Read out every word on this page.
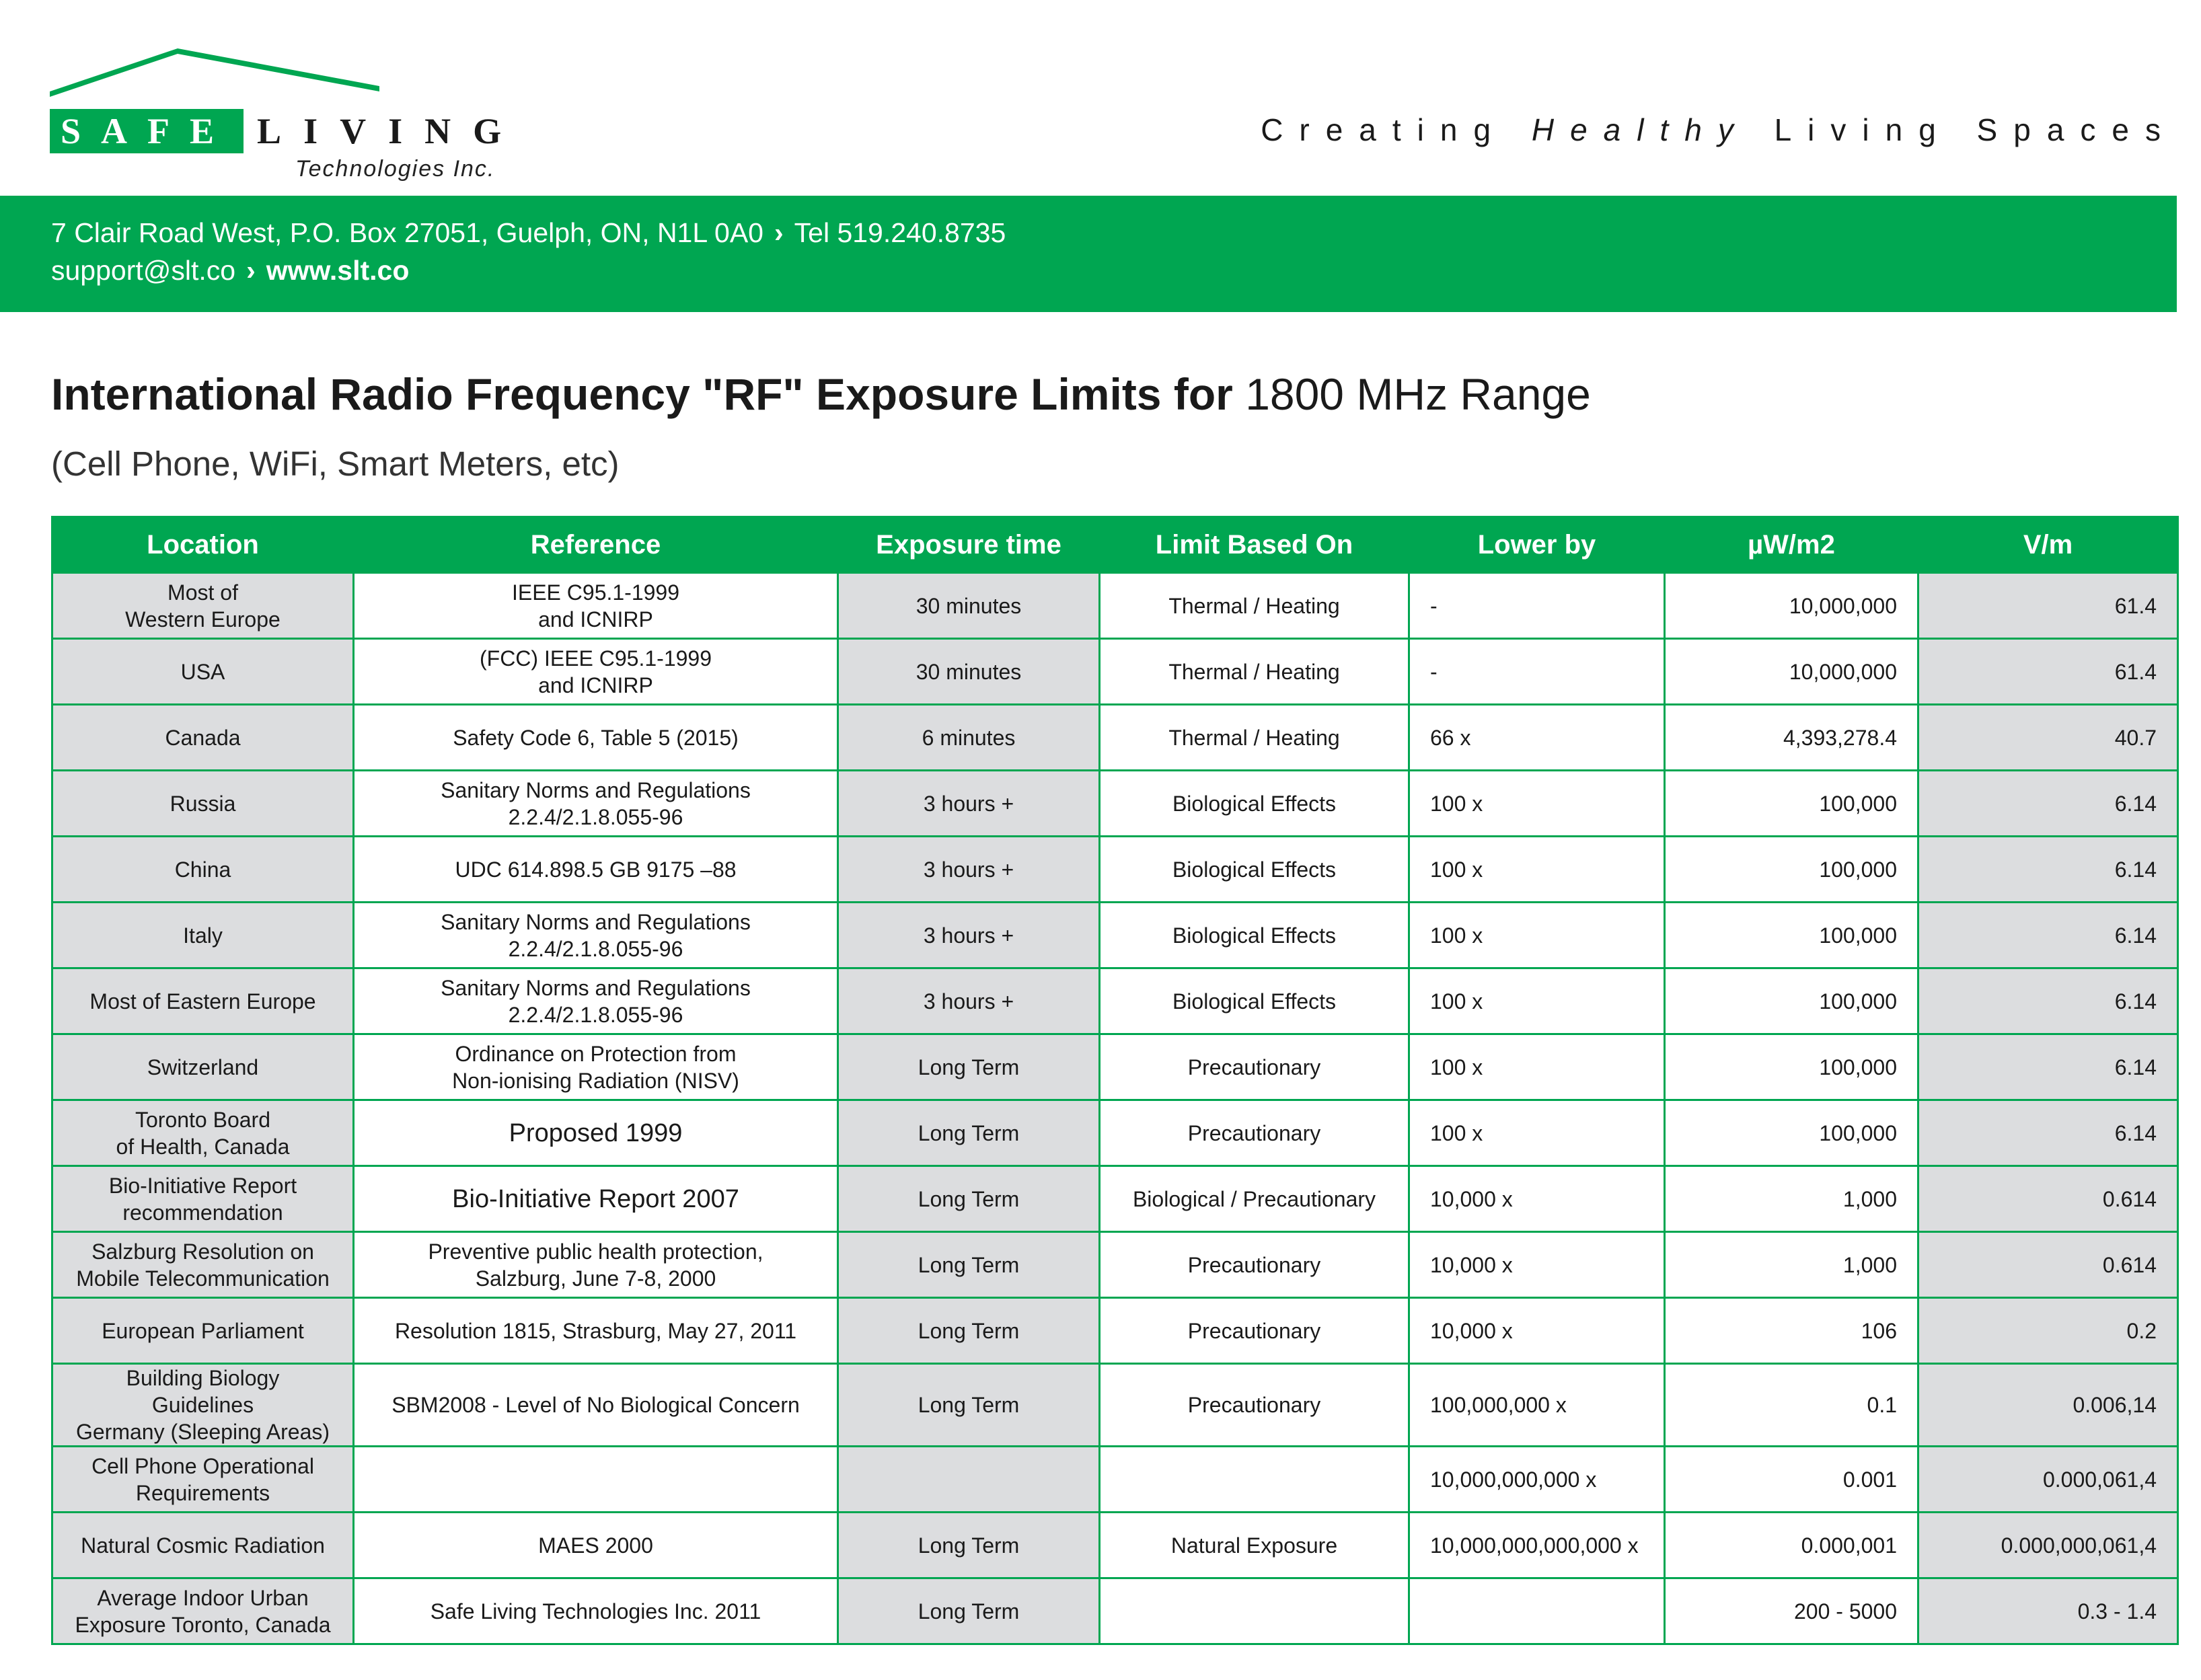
SAFE LIVING
Technologies Inc.
Creating Healthy Living Spaces
7 Clair Road West, P.O. Box 27051, Guelph, ON, N1L 0A0 › Tel 519.240.8735
support@slt.co › www.slt.co
International Radio Frequency "RF" Exposure Limits for 1800 MHz Range
(Cell Phone, WiFi, Smart Meters, etc)
Location	Reference	Exposure time	Limit Based On	Lower by	µW/m2	V/m
Most of
Western Europe	IEEE C95.1-1999
and ICNIRP	30 minutes	Thermal / Heating	-	10,000,000	61.4
USA	(FCC) IEEE C95.1-1999
and ICNIRP	30 minutes	Thermal / Heating	-	10,000,000	61.4
Canada	Safety Code 6, Table 5 (2015)	6 minutes	Thermal / Heating	66 x	4,393,278.4	40.7
Russia	Sanitary Norms and Regulations
2.2.4/2.1.8.055-96	3 hours +	Biological Effects	100 x	100,000	6.14
China	UDC 614.898.5 GB 9175 –88	3 hours +	Biological Effects	100 x	100,000	6.14
Italy	Sanitary Norms and Regulations
2.2.4/2.1.8.055-96	3 hours +	Biological Effects	100 x	100,000	6.14
Most of Eastern Europe	Sanitary Norms and Regulations
2.2.4/2.1.8.055-96	3 hours +	Biological Effects	100 x	100,000	6.14
Switzerland	Ordinance on Protection from
Non-ionising Radiation (NISV)	Long Term	Precautionary	100 x	100,000	6.14
Toronto Board
of Health, Canada	Proposed 1999	Long Term	Precautionary	100 x	100,000	6.14
Bio-Initiative Report
recommendation	Bio-Initiative Report 2007	Long Term	Biological / Precautionary	10,000 x	1,000	0.614
Salzburg Resolution on
Mobile Telecommunication	Preventive public health protection,
Salzburg, June 7-8, 2000	Long Term	Precautionary	10,000 x	1,000	0.614
European Parliament	Resolution 1815, Strasburg, May 27, 2011	Long Term	Precautionary	10,000 x	106	0.2
Building Biology Guidelines
Germany (Sleeping Areas)	SBM2008 - Level of No Biological Concern	Long Term	Precautionary	100,000,000 x	0.1	0.006,14
Cell Phone Operational
Requirements				10,000,000,000 x	0.001	0.000,061,4
Natural Cosmic Radiation	MAES 2000	Long Term	Natural Exposure	10,000,000,000,000 x	0.000,001	0.000,000,061,4
Average Indoor Urban
Exposure Toronto, Canada	Safe Living Technologies Inc. 2011	Long Term			200 - 5000	0.3 - 1.4
